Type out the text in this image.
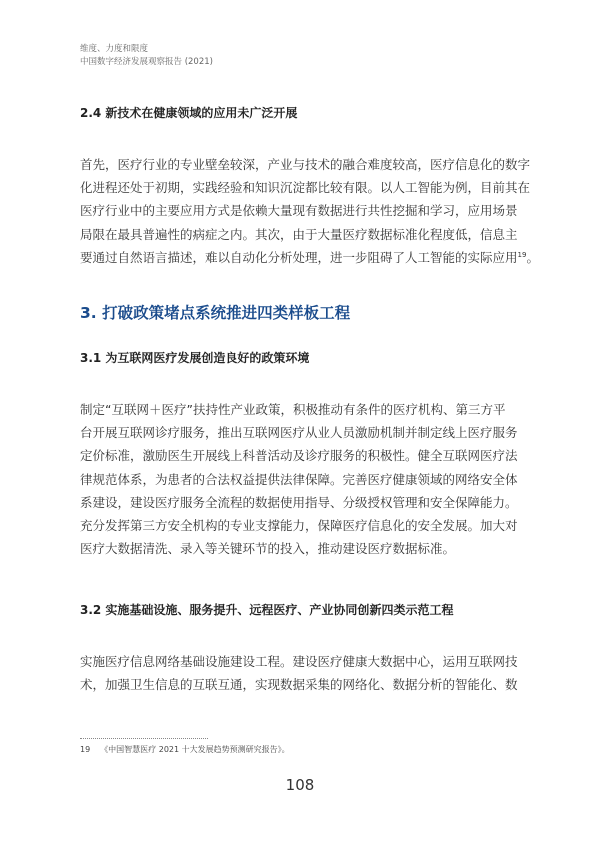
维度、力度和限度
中国数字经济发展观察报告 (2021)
2.4 新技术在健康领域的应用未广泛开展
首先，医疗行业的专业壁垒较深，产业与技术的融合难度较高，医疗信息化的数字
化进程还处于初期，实践经验和知识沉淀都比较有限。以人工智能为例，目前其在
医疗行业中的主要应用方式是依赖大量现有数据进行共性挖掘和学习，应用场景
局限在最具普遍性的病症之内。其次，由于大量医疗数据标准化程度低，信息主
要通过自然语言描述，难以自动化分析处理，进一步阻碍了人工智能的实际应用$^{19}$。
3. 打破政策堵点系统推进四类样板工程
3.1 为互联网医疗发展创造良好的政策环境
制定“互联网＋医疗”扶持性产业政策，积极推动有条件的医疗机构、第三方平
台开展互联网诊疗服务，推出互联网医疗从业人员激励机制并制定线上医疗服务
定价标准，激励医生开展线上科普活动及诊疗服务的积极性。健全互联网医疗法
律规范体系，为患者的合法权益提供法律保障。完善医疗健康领域的网络安全体
系建设，建设医疗服务全流程的数据使用指导、分级授权管理和安全保障能力。
充分发挥第三方安全机构的专业支撑能力，保障医疗信息化的安全发展。加大对
医疗大数据清洗、录入等关键环节的投入，推动建设医疗数据标准。
3.2 实施基础设施、服务提升、远程医疗、产业协同创新四类示范工程
实施医疗信息网络基础设施建设工程。建设医疗健康大数据中心，运用互联网技
术，加强卫生信息的互联互通，实现数据采集的网络化、数据分析的智能化、数
19 《中国智慧医疗 2021 十大发展趋势预测研究报告》。
108
